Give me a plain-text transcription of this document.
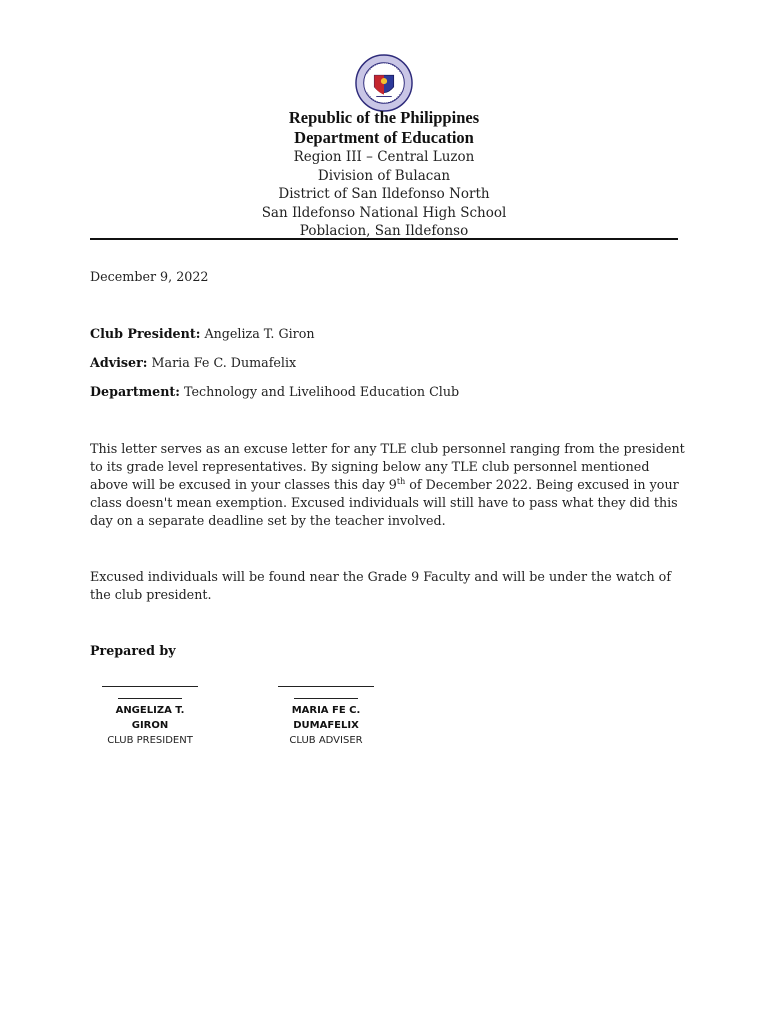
Republic of the Philippines
Department of Education
Region III – Central Luzon
Division of Bulacan
District of San Ildefonso North
San Ildefonso National High School
Poblacion, San Ildefonso
December 9, 2022
Club President: Angeliza T. Giron
Adviser: Maria Fe C. Dumafelix
Department: Technology and Livelihood Education Club
This letter serves as an excuse letter for any TLE club personnel ranging from the president to its grade level representatives. By signing below any TLE club personnel mentioned above will be excused in your classes this day 9th of December 2022. Being excused in your class doesn't mean exemption. Excused individuals will still have to pass what they did this day on a separate deadline set by the teacher involved.
Excused individuals will be found near the Grade 9 Faculty and will be under the watch of the club president.
Prepared by
ANGELIZA T.
GIRON
CLUB PRESIDENT
MARIA FE C.
DUMAFELIX
CLUB ADVISER
